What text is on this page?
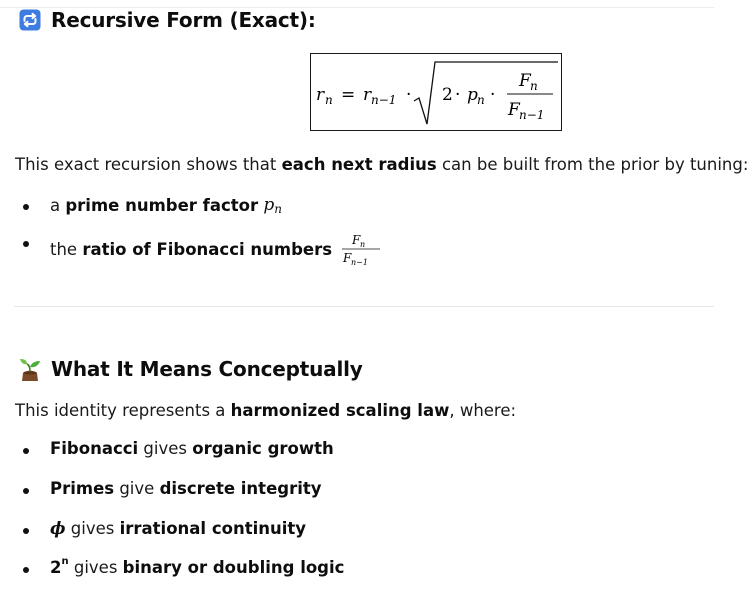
Recursive Form (Exact):
r n = r n−1 · 2 · p n ·
F n
F n−1
This exact recursion shows that each next radius can be built from the prior by tuning:
a prime number factor
p n
the ratio of Fibonacci numbers
F n
F n−1
What It Means Conceptually
This identity represents a harmonized scaling law, where:
Fibonacci gives organic growth
Primes give discrete integrity
ϕ gives irrational continuity
2 n gives binary or doubling logic
